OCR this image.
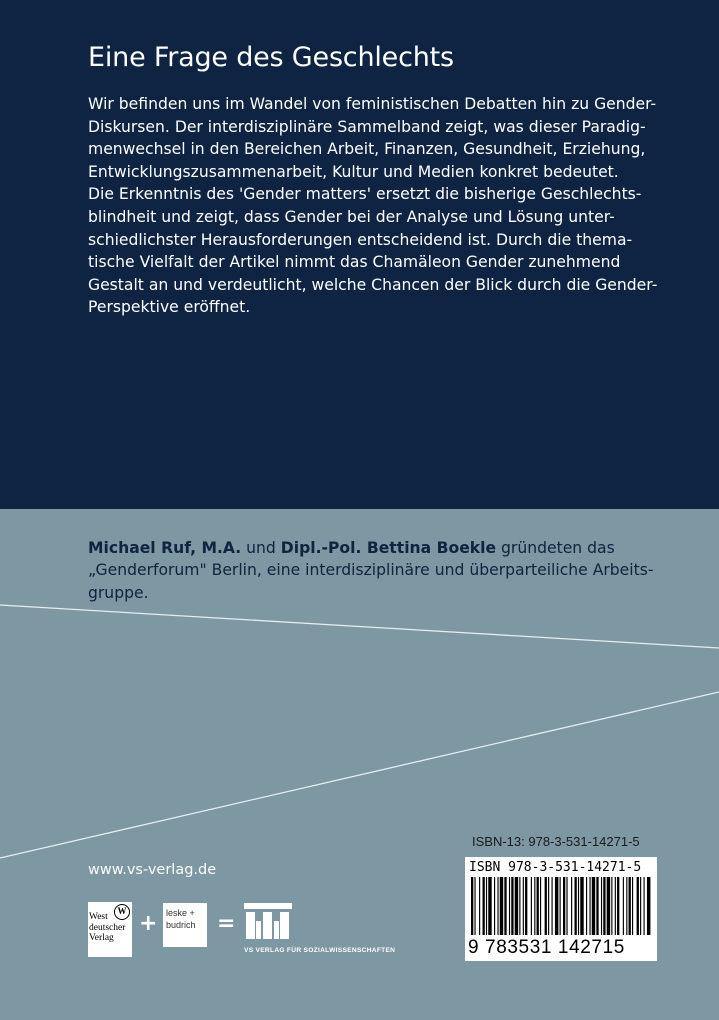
Eine Frage des Geschlechts
Wir befinden uns im Wandel von feministischen Debatten hin zu Gender-
Diskursen. Der interdisziplinäre Sammelband zeigt, was dieser Paradig-
menwechsel in den Bereichen Arbeit, Finanzen, Gesundheit, Erziehung,
Entwicklungszusammenarbeit, Kultur und Medien konkret bedeutet.
Die Erkenntnis des 'Gender matters' ersetzt die bisherige Geschlechts-
blindheit und zeigt, dass Gender bei der Analyse und Lösung unter-
schiedlichster Herausforderungen entscheidend ist. Durch die thema-
tische Vielfalt der Artikel nimmt das Chamäleon Gender zunehmend
Gestalt an und verdeutlicht, welche Chancen der Blick durch die Gender-
Perspektive eröffnet.
Michael Ruf, M.A. und Dipl.-Pol. Bettina Boekle gründeten das
„Genderforum" Berlin, eine interdisziplinäre und überparteiliche Arbeits-
gruppe.
www.vs-verlag.de
ISBN-13: 978-3-531-14271-5
ISBN 978-3-531-14271-5
9 783531 142715
W
West
deutscher
Verlag
+ leske +
budrich =
VS VERLAG FÜR SOZIALWISSENSCHAFTEN
